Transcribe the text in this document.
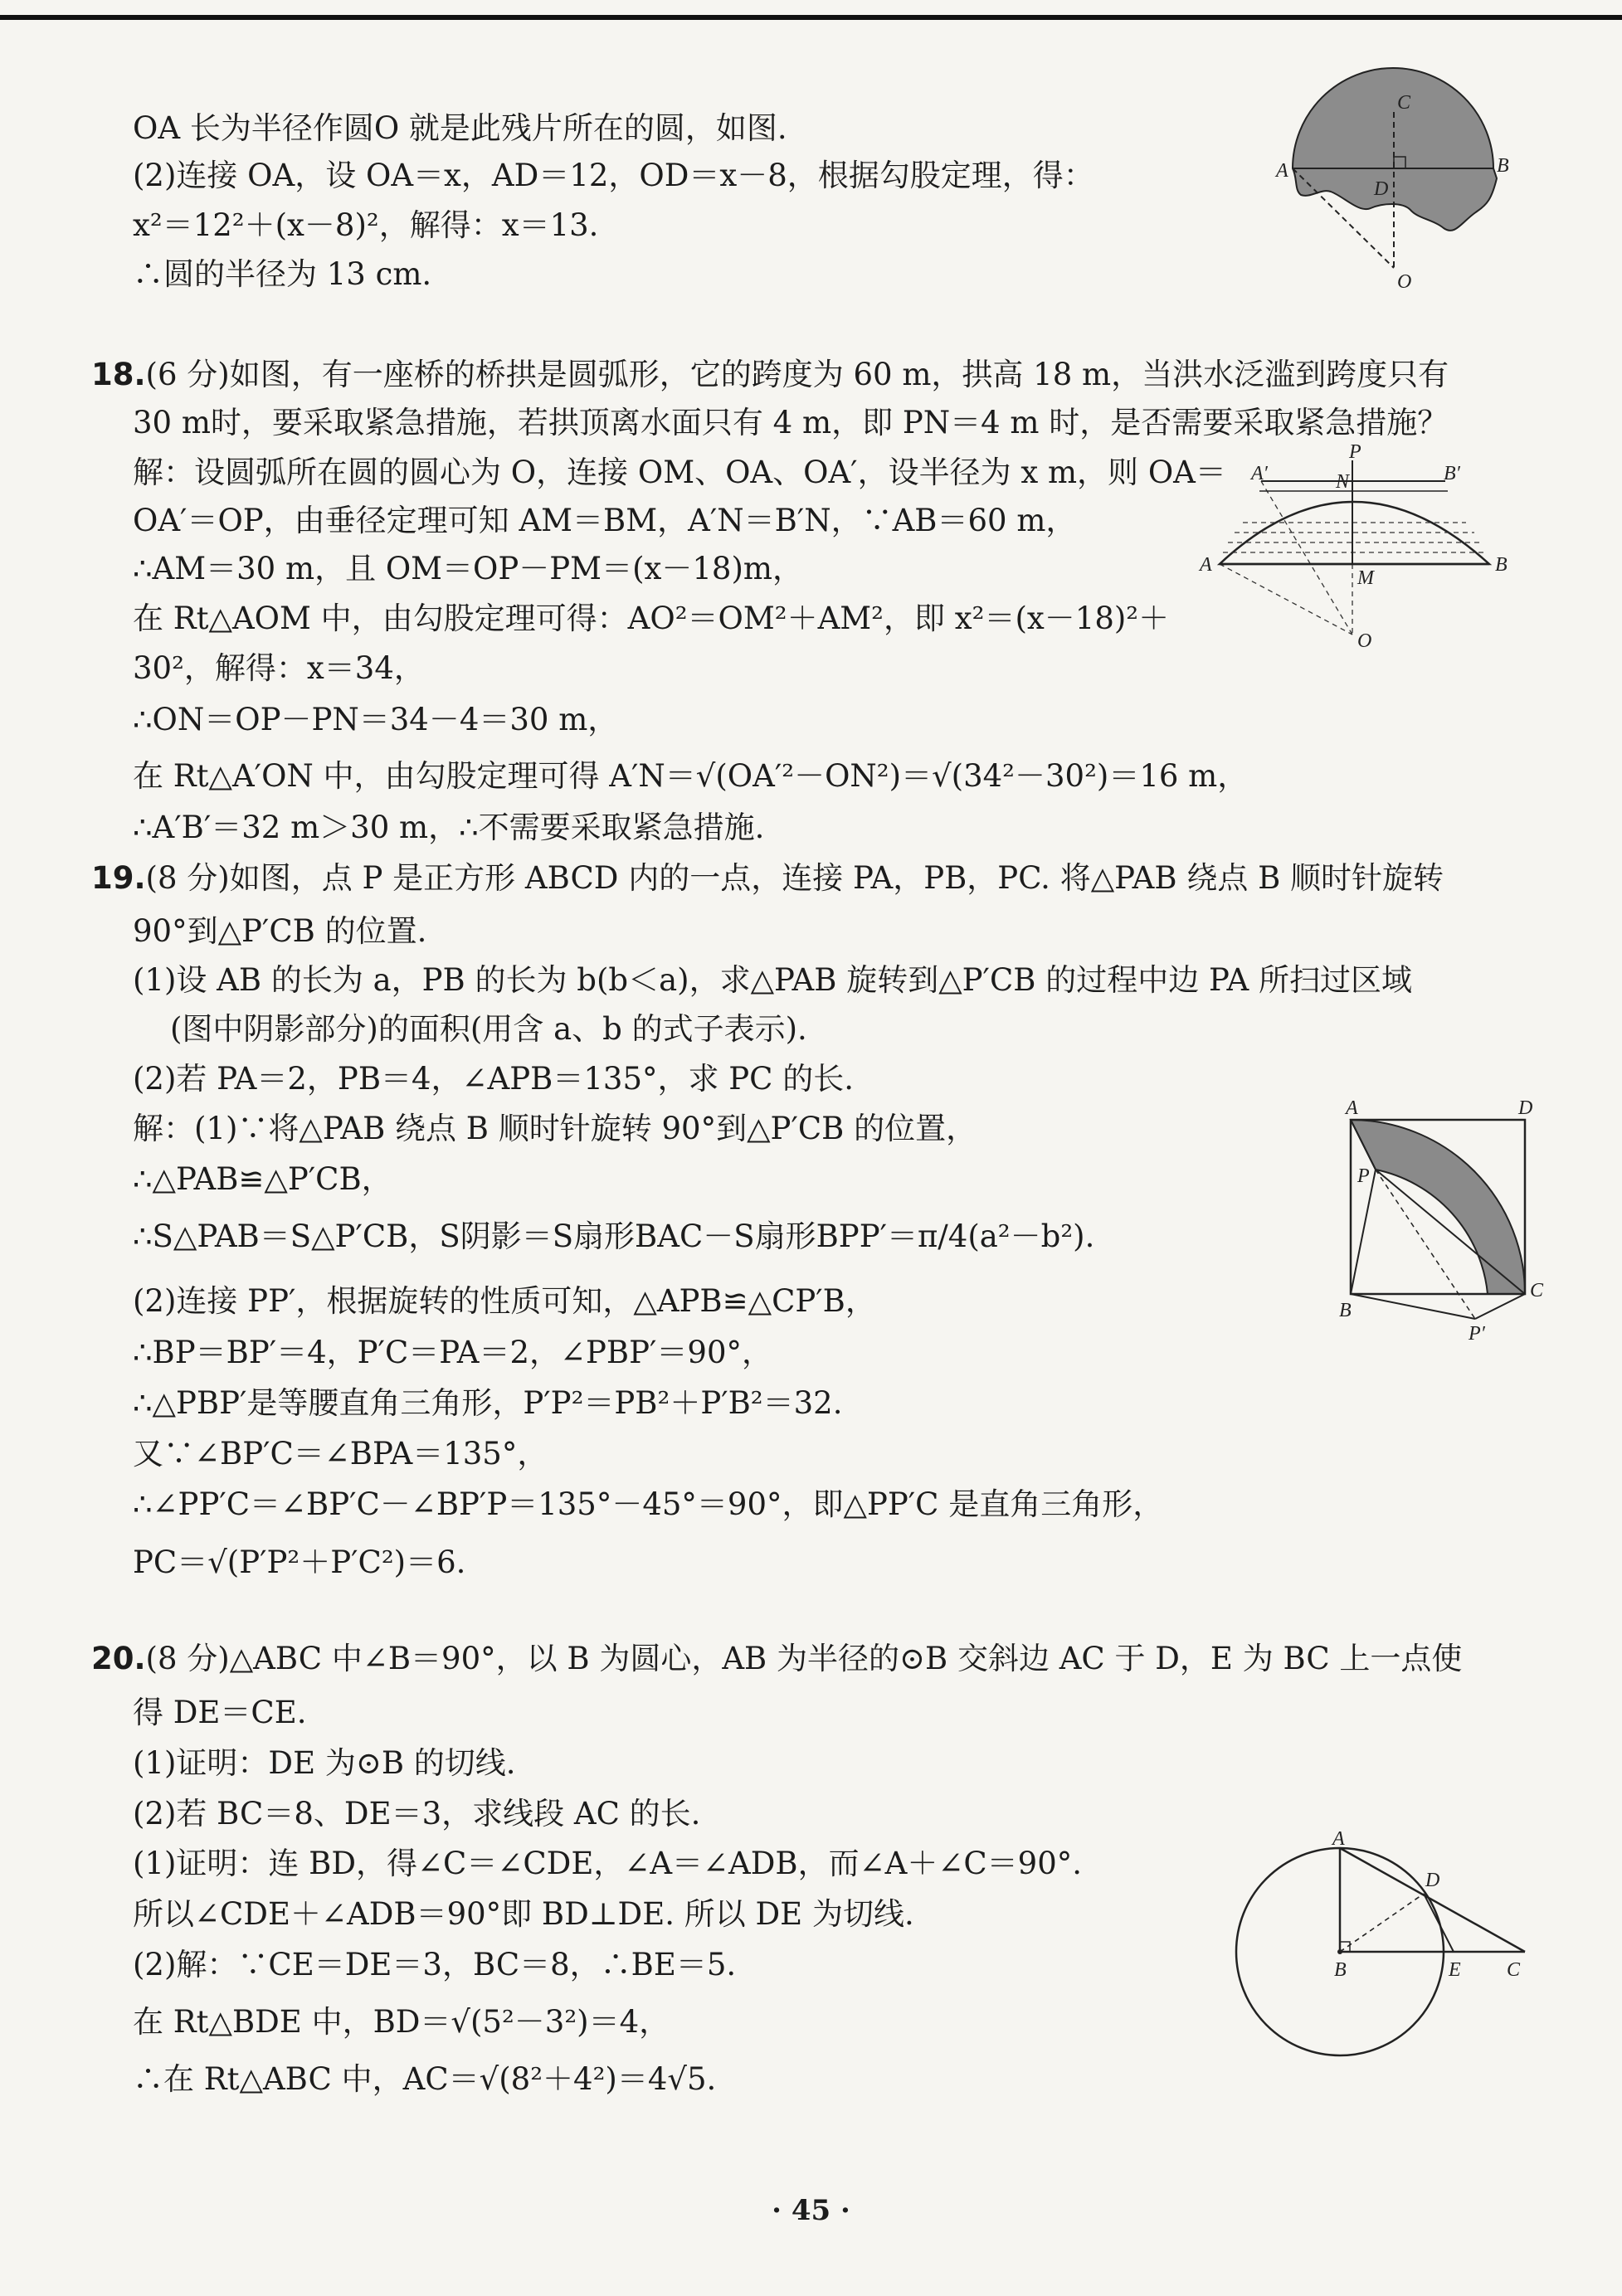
OA 长为半径作圆O 就是此残片所在的圆，如图.
(2)连接 OA，设 OA＝x，AD＝12，OD＝x－8，根据勾股定理，得：
x²＝12²＋(x－8)²，解得：x＝13.
∴圆的半径为 13 cm.
C
A
D
B
O
18.(6 分)如图，有一座桥的桥拱是圆弧形，它的跨度为 60 m，拱高 18 m，当洪水泛滥到跨度只有
30 m时，要采取紧急措施，若拱顶离水面只有 4 m，即 PN＝4 m 时，是否需要采取紧急措施？
解：设圆弧所在圆的圆心为 O，连接 OM、OA、OA′，设半径为 x m，则 OA＝
OA′＝OP，由垂径定理可知 AM＝BM，A′N＝B′N，∵AB＝60 m，
∴AM＝30 m，且 OM＝OP－PM＝(x－18)m，
在 Rt△AOM 中，由勾股定理可得：AO²＝OM²＋AM²，即 x²＝(x－18)²＋
30²，解得：x＝34，
∴ON＝OP－PN＝34－4＝30 m，
在 Rt△A′ON 中，由勾股定理可得 A′N＝√(OA′²－ON²)＝√(34²－30²)＝16 m，
∴A′B′＝32 m＞30 m，∴不需要采取紧急措施.
P
A′	N	B′
A
M
B
O
19.(8 分)如图，点 P 是正方形 ABCD 内的一点，连接 PA，PB，PC. 将△PAB 绕点 B 顺时针旋转
90°到△P′CB 的位置.
(1)设 AB 的长为 a，PB 的长为 b(b＜a)，求△PAB 旋转到△P′CB 的过程中边 PA 所扫过区域
(图中阴影部分)的面积(用含 a、b 的式子表示).
(2)若 PA＝2，PB＝4，∠APB＝135°，求 PC 的长.
解：(1)∵将△PAB 绕点 B 顺时针旋转 90°到△P′CB 的位置，
∴△PAB≌△P′CB，
∴S△PAB＝S△P′CB，S阴影＝S扇形BAC－S扇形BPP′＝π/4(a²－b²).
(2)连接 PP′，根据旋转的性质可知，△APB≌△CP′B，
∴BP＝BP′＝4，P′C＝PA＝2，∠PBP′＝90°，
∴△PBP′是等腰直角三角形，P′P²＝PB²＋P′B²＝32.
又∵∠BP′C＝∠BPA＝135°，
∴∠PP′C＝∠BP′C－∠BP′P＝135°－45°＝90°，即△PP′C 是直角三角形，
PC＝√(P′P²＋P′C²)＝6.
A	D
P
B
C
P′
20.(8 分)△ABC 中∠B＝90°，以 B 为圆心，AB 为半径的⊙B 交斜边 AC 于 D，E 为 BC 上一点使
得 DE＝CE.
(1)证明：DE 为⊙B 的切线.
(2)若 BC＝8、DE＝3，求线段 AC 的长.
(1)证明：连 BD，得∠C＝∠CDE，∠A＝∠ADB，而∠A＋∠C＝90°.
所以∠CDE＋∠ADB＝90°即 BD⊥DE. 所以 DE 为切线.
(2)解：∵CE＝DE＝3，BC＝8，∴BE＝5.
在 Rt△BDE 中，BD＝√(5²－3²)＝4，
∴在 Rt△ABC 中，AC＝√(8²＋4²)＝4√5.
A
D
B	E C
· 45 ·
